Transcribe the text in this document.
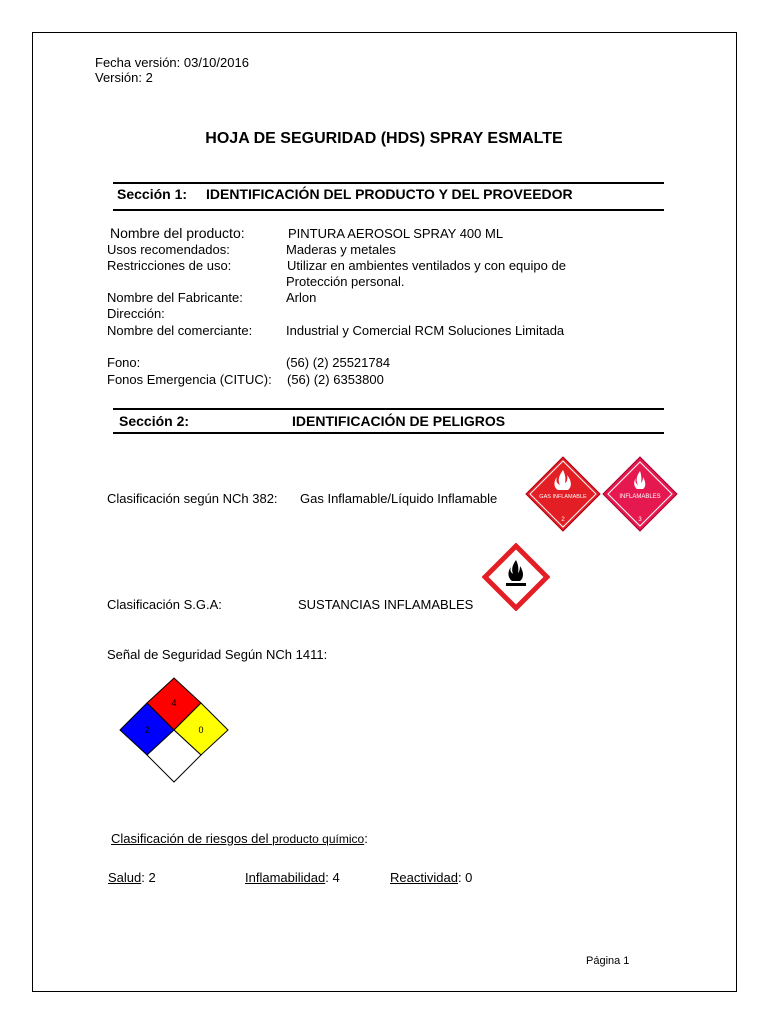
Fecha versión: 03/10/2016
Versión: 2
HOJA DE SEGURIDAD (HDS) SPRAY ESMALTE
Sección 1: IDENTIFICACIÓN DEL PRODUCTO Y DEL PROVEEDOR
Nombre del producto:	PINTURA AEROSOL SPRAY 400 ML
Usos recomendados:	Maderas y metales
Restricciones de uso:	Utilizar en ambientes ventilados y con equipo de
Protección personal.
Nombre del Fabricante:	Arlon
Dirección:
Nombre del comerciante:	Industrial y Comercial RCM Soluciones Limitada
Fono:	(56) (2) 25521784
Fonos Emergencia (CITUC): (56) (2) 6353800
Sección 2:	IDENTIFICACIÓN DE PELIGROS
Clasificación según NCh 382: Gas Inflamable/Líquido Inflamable	GAS INFLAMABLE
2
INFLAMABLES
3
Clasificación S.G.A:	SUSTANCIAS INFLAMABLES
Señal de Seguridad Según NCh 1411:
4
2	0
Clasificación de riesgos del producto químico:
Salud: 2	Inflamabilidad: 4	Reactividad: 0
Página 1
